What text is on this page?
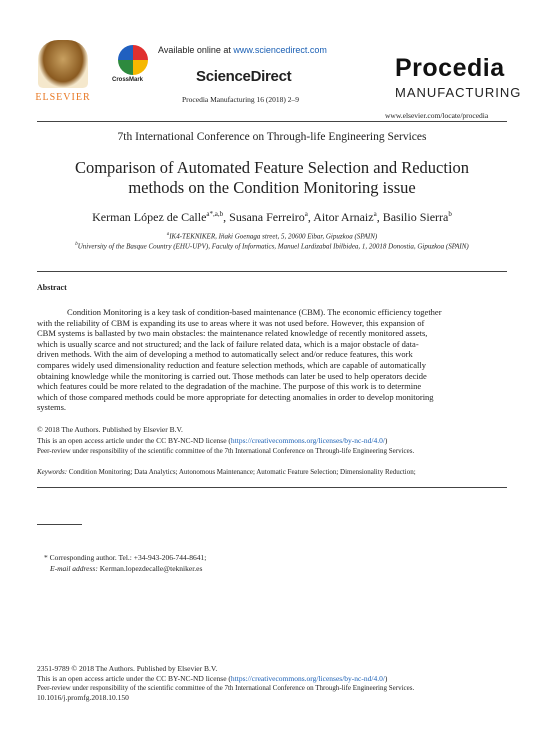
ELSEVIER
Available online at www.sciencedirect.com
CrossMark	ScienceDirect
Procedia Manufacturing 16 (2018) 2–9
Procedia
MANUFACTURING
www.elsevier.com/locate/procedia
7th International Conference on Through-life Engineering Services
Comparison of Automated Feature Selection and Reduction
methods on the Condition Monitoring issue
Kerman López de Calle$^{a*,a,b}$, Susana Ferreiro$^a$, Aitor Arnaiz$^a$, Basilio Sierra$^b$
$^a$IK4-TEKNIKER, Iñaki Goenaga street, 5, 20600 Eibar, Gipuzkoa (SPAIN)
$^b$University of the Basque Country (EHU-UPV), Faculty of Informatics, Manuel Lardizabal Ibilbidea, 1, 20018 Donostia, Gipuzkoa (SPAIN)
Abstract
Condition Monitoring is a key task of condition-based maintenance (CBM). The economic efficiency together
with the reliability of CBM is expanding its use to areas where it was not used before. However, this expansion of
CBM systems is ballasted by two main obstacles: the maintenance related knowledge of recently monitored assets,
which is usually scarce and not structured; and the lack of failure related data, which is a major obstacle of data-
driven methods. With the aim of developing a method to automatically select and/or reduce features, this work
compares widely used dimensionality reduction and feature selection methods, which are capable of automatically
obtaining knowledge while the monitoring is carried out. Those methods can later be used to help operators decide
which features could be more related to the degradation of the machine. The purpose of this work is to determine
which of those compared methods could be more appropriate for detecting anomalies in order to develop monitoring
systems.
© 2018 The Authors. Published by Elsevier B.V.
This is an open access article under the CC BY-NC-ND license (https://creativecommons.org/licenses/by-nc-nd/4.0/)
Peer-review under responsibility of the scientific committee of the 7th International Conference on Through-life Engineering Services.
Keywords: Condition Monitoring; Data Analytics; Autonomous Maintenance; Automatic Feature Selection; Dimensionality Reduction;
* Corresponding author. Tel.: +34-943-206-744-8641;
E-mail address: Kerman.lopezdecalle@tekniker.es
2351-9789 © 2018 The Authors. Published by Elsevier B.V.
This is an open access article under the CC BY-NC-ND license (https://creativecommons.org/licenses/by-nc-nd/4.0/)
Peer-review under responsibility of the scientific committee of the 7th International Conference on Through-life Engineering Services.
10.1016/j.promfg.2018.10.150
